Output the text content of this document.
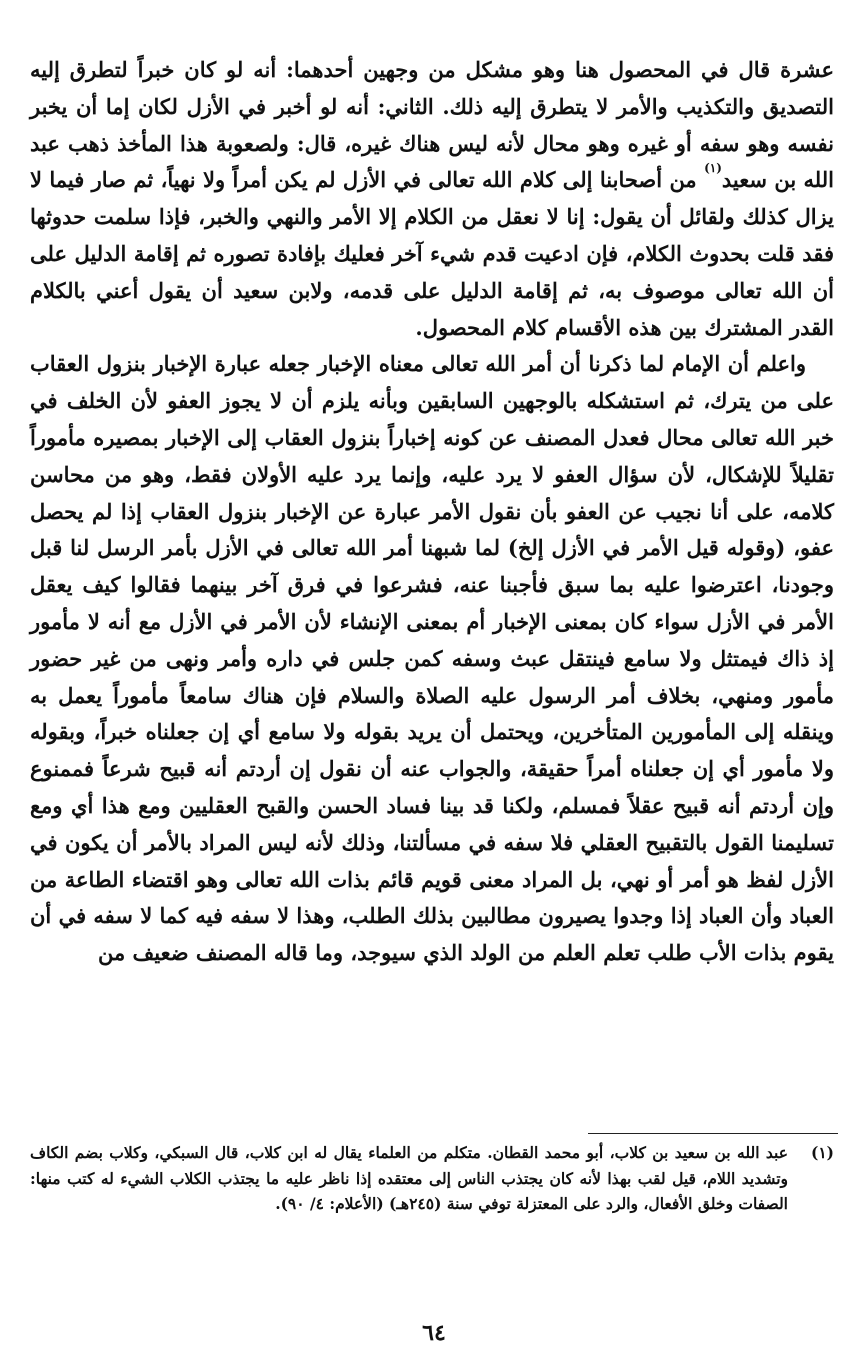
عشرة قال في المحصول هنا وهو مشكل من وجهين أحدهما: أنه لو كان خبراً لتطرق إليه التصديق والتكذيب والأمر لا يتطرق إليه ذلك. الثاني: أنه لو أخبر في الأزل لكان إما أن يخبر نفسه وهو سفه أو غيره وهو محال لأنه ليس هناك غيره، قال: ولصعوبة هذا المأخذ ذهب عبد الله بن سعيد$^{(١)}$ من أصحابنا إلى كلام الله تعالى في الأزل لم يكن أمراً ولا نهياً، ثم صار فيما لا يزال كذلك ولقائل أن يقول: إنا لا نعقل من الكلام إلا الأمر والنهي والخبر، فإذا سلمت حدوثها فقد قلت بحدوث الكلام، فإن ادعيت قدم شيء آخر فعليك بإفادة تصوره ثم إقامة الدليل على أن الله تعالى موصوف به، ثم إقامة الدليل على قدمه، ولابن سعيد أن يقول أعني بالكلام القدر المشترك بين هذه الأقسام كلام المحصول.

واعلم أن الإمام لما ذكرنا أن أمر الله تعالى معناه الإخبار جعله عبارة الإخبار بنزول العقاب على من يترك، ثم استشكله بالوجهين السابقين وبأنه يلزم أن لا يجوز العفو لأن الخلف في خبر الله تعالى محال فعدل المصنف عن كونه إخباراً بنزول العقاب إلى الإخبار بمصيره مأموراً تقليلاً للإشكال، لأن سؤال العفو لا يرد عليه، وإنما يرد عليه الأولان فقط، وهو من محاسن كلامه، على أنا نجيب عن العفو بأن نقول الأمر عبارة عن الإخبار بنزول العقاب إذا لم يحصل عفو، (وقوله قيل الأمر في الأزل إلخ) لما شبهنا أمر الله تعالى في الأزل بأمر الرسل لنا قبل وجودنا، اعترضوا عليه بما سبق فأجبنا عنه، فشرعوا في فرق آخر بينهما فقالوا كيف يعقل الأمر في الأزل سواء كان بمعنى الإخبار أم بمعنى الإنشاء لأن الأمر في الأزل مع أنه لا مأمور إذ ذاك فيمتثل ولا سامع فينتقل عبث وسفه كمن جلس في داره وأمر ونهى من غير حضور مأمور ومنهي، بخلاف أمر الرسول عليه الصلاة والسلام فإن هناك سامعاً مأموراً يعمل به وينقله إلى المأمورين المتأخرين، ويحتمل أن يريد بقوله ولا سامع أي إن جعلناه خبراً، وبقوله ولا مأمور أي إن جعلناه أمراً حقيقة، والجواب عنه أن نقول إن أردتم أنه قبيح شرعاً فممنوع وإن أردتم أنه قبيح عقلاً فمسلم، ولكنا قد بينا فساد الحسن والقبح العقليين ومع هذا أي ومع تسليمنا القول بالتقبيح العقلي فلا سفه في مسألتنا، وذلك لأنه ليس المراد بالأمر أن يكون في الأزل لفظ هو أمر أو نهي، بل المراد معنى قويم قائم بذات الله تعالى وهو اقتضاء الطاعة من العباد وأن العباد إذا وجدوا يصيرون مطالبين بذلك الطلب، وهذا لا سفه فيه كما لا سفه في أن يقوم بذات الأب طلب تعلم العلم من الولد الذي سيوجد، وما قاله المصنف ضعيف من

(١)
عبد الله بن سعيد بن كلاب، أبو محمد القطان. متكلم من العلماء يقال له ابن كلاب، قال السبكي، وكلاب بضم الكاف وتشديد اللام، قيل لقب بهذا لأنه كان يجتذب الناس إلى معتقده إذا ناظر عليه ما يجتذب الكلاب الشيء له كتب منها: الصفات وخلق الأفعال، والرد على المعتزلة توفي سنة (٢٤٥هـ) (الأعلام: ٤/ ٩٠).
٦٤
